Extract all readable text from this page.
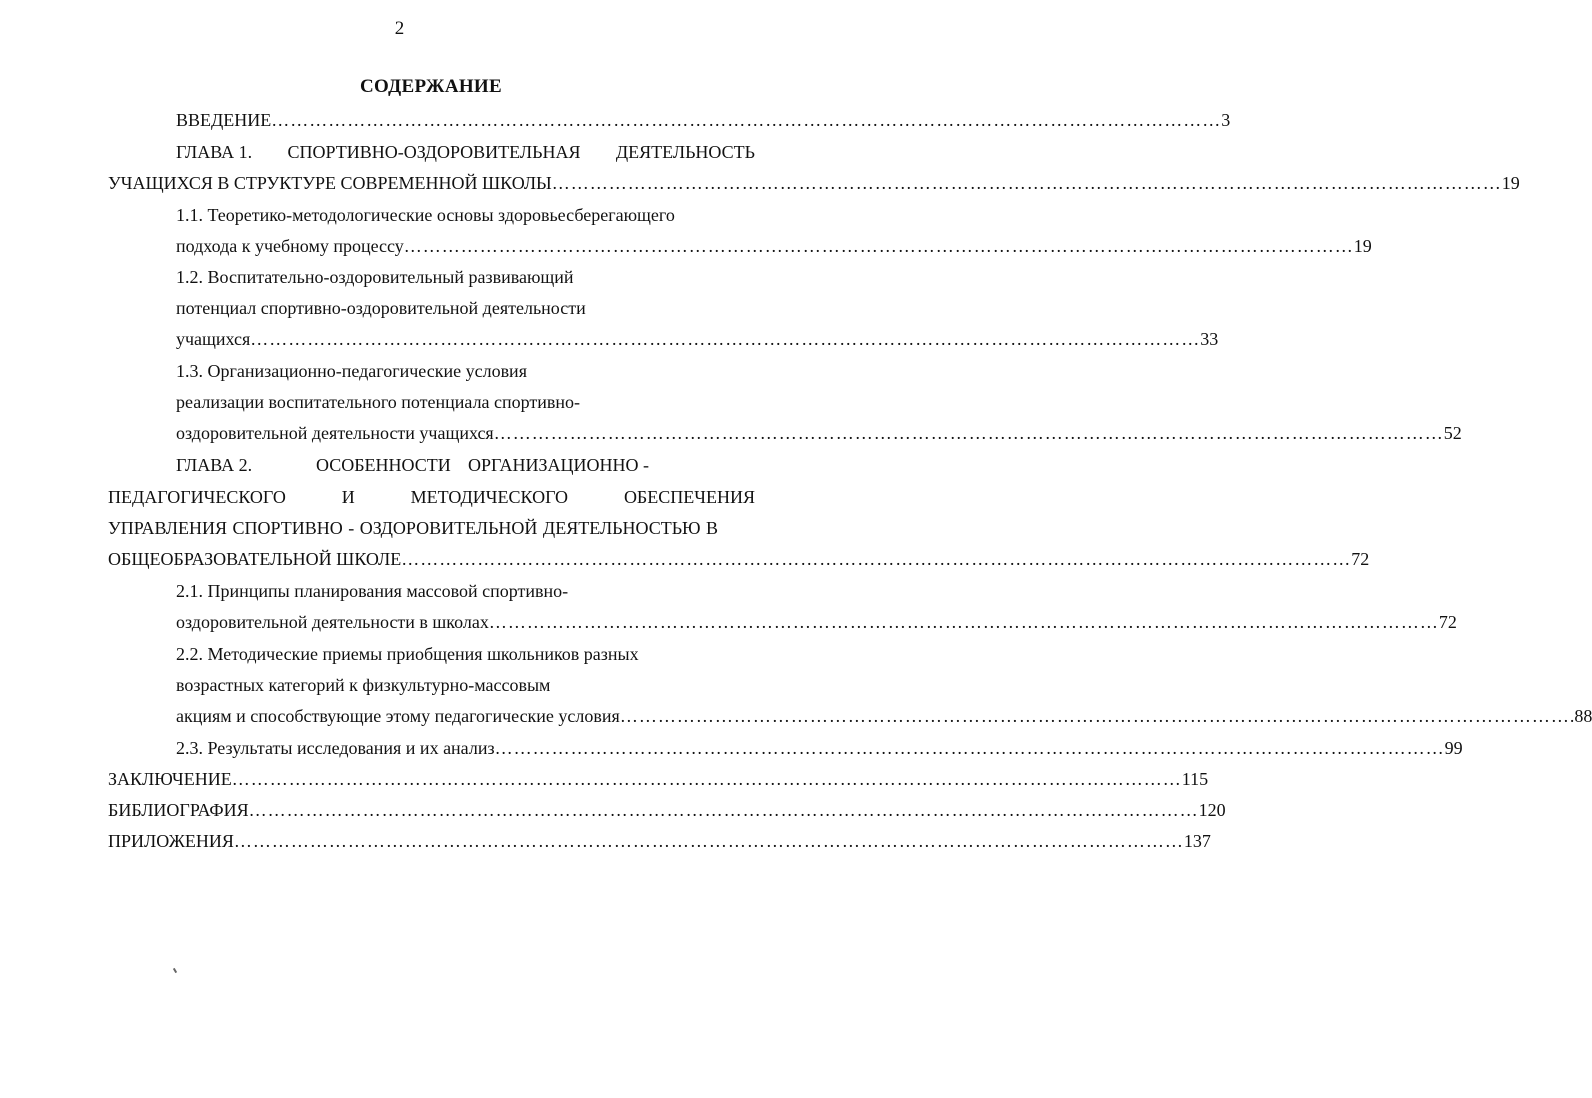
2
СОДЕРЖАНИЕ
ВВЕДЕНИЕ …………………………………………………………………………………………………………………………………… 3
ГЛАВА 1. СПОРТИВНО-ОЗДОРОВИТЕЛЬНАЯ ДЕЯТЕЛЬНОСТЬ
УЧАЩИХСЯ В СТРУКТУРЕ СОВРЕМЕННОЙ ШКОЛЫ …………………………………………………………………………………………………………………………………… 19
1.1. Теоретико-методологические основы здоровьесберегающего
подхода к учебному процессу …………………………………………………………………………………………………………………………………… 19
1.2. Воспитательно-оздоровительный развивающий
потенциал спортивно-оздоровительной деятельности
учащихся …………………………………………………………………………………………………………………………………… 33
1.3. Организационно-педагогические условия
реализации воспитательного потенциала спортивно-
оздоровительной деятельности учащихся …………………………………………………………………………………………………………………………………… 52
ГЛАВА 2.	ОСОБЕННОСТИ ОРГАНИЗАЦИОННО -
ПЕДАГОГИЧЕСКОГО	И	МЕТОДИЧЕСКОГО	ОБЕСПЕЧЕНИЯ
УПРАВЛЕНИЯ СПОРТИВНО - ОЗДОРОВИТЕЛЬНОЙ ДЕЯТЕЛЬНОСТЬЮ В
ОБЩЕОБРАЗОВАТЕЛЬНОЙ ШКОЛЕ …………………………………………………………………………………………………………………………………… 72
2.1. Принципы планирования массовой спортивно-
оздоровительной деятельности в школах …………………………………………………………………………………………………………………………………… 72
2.2. Методические приемы приобщения школьников разных
возрастных категорий к физкультурно-массовым
акциям и способствующие этому педагогические условия …………………………………………………………………………………………………………………………………… .88
2.3. Результаты исследования и их анализ …………………………………………………………………………………………………………………………………… 99
ЗАКЛЮЧЕНИЕ …………………………………………………………………………………………………………………………………… 115
БИБЛИОГРАФИЯ …………………………………………………………………………………………………………………………………… 120
ПРИЛОЖЕНИЯ …………………………………………………………………………………………………………………………………… 137
